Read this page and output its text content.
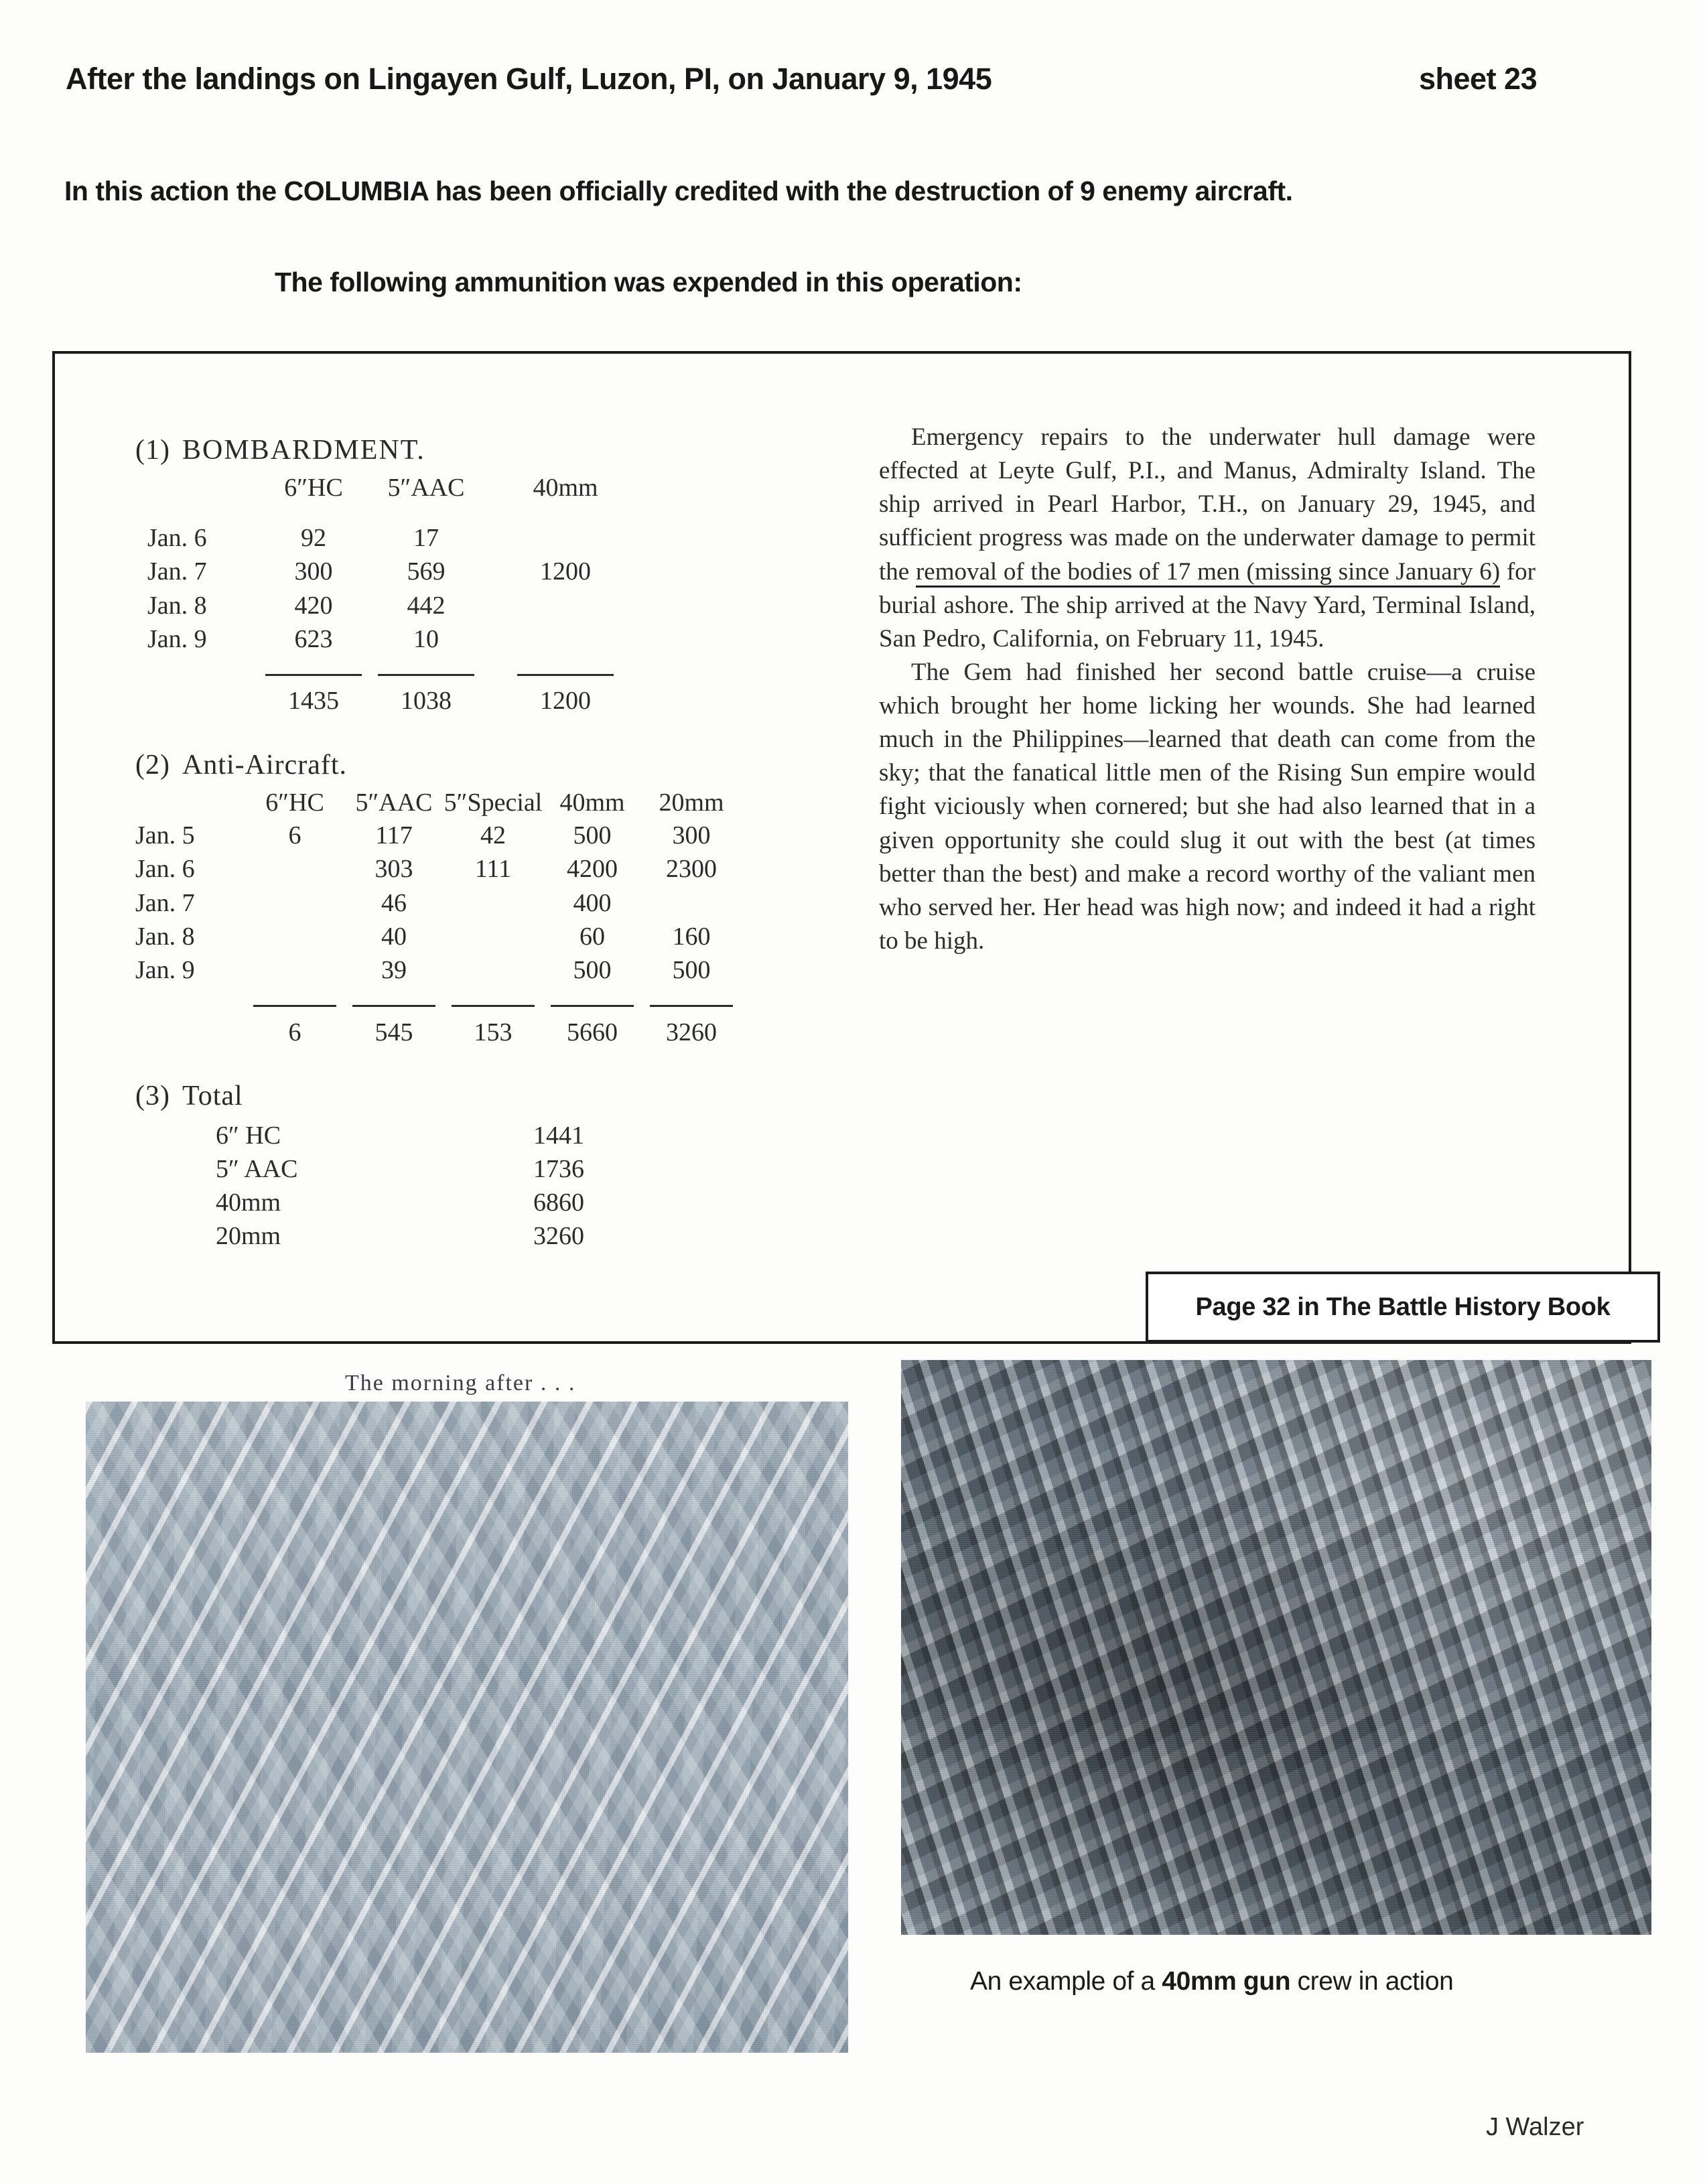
After the landings on Lingayen Gulf, Luzon, PI, on January 9, 1945	sheet 23
In this action the COLUMBIA has been officially credited with the destruction of 9 enemy aircraft.
The following ammunition was expended in this operation:
(1) BOMBARDMENT.
	6″HC	5″AAC		40mm

Jan. 6	92	17		
Jan. 7	300	569		1200
Jan. 8	420	442		
Jan. 9	623	10		

	1435	1038		1200
(2) Anti-Aircraft.
	6″HC	5″AAC	5″Special	40mm	20mm
Jan. 5	6	117	42	500	300
Jan. 6		303	111	4200	2300
Jan. 7		46		400	
Jan. 8		40		60	160
Jan. 9		39		500	500

	6	545	153	5660	3260
(3) Total
6″ HC	1441
5″ AAC	1736
40mm	6860
20mm	3260

Emergency repairs to the underwater hull damage were effected at Leyte Gulf, P.I., and Manus, Admiralty Island. The ship arrived in Pearl Harbor, T.H., on January 29, 1945, and sufficient progress was made on the underwater damage to permit the removal of the bodies of 17 men (missing since January 6) for burial ashore. The ship arrived at the Navy Yard, Terminal Island, San Pedro, California, on February 11, 1945.

The Gem had finished her second battle cruise—a cruise which brought her home licking her wounds. She had learned much in the Philippines—learned that death can come from the sky; that the fanatical little men of the Rising Sun empire would fight viciously when cornered; but she had also learned that in a given opportunity she could slug it out with the best (at times better than the best) and make a record worthy of the valiant men who served her. Her head was high now; and indeed it had a right to be high.

Page 32 in The Battle History Book
The morning after . . .
An example of a 40mm gun crew in action
J Walzer
